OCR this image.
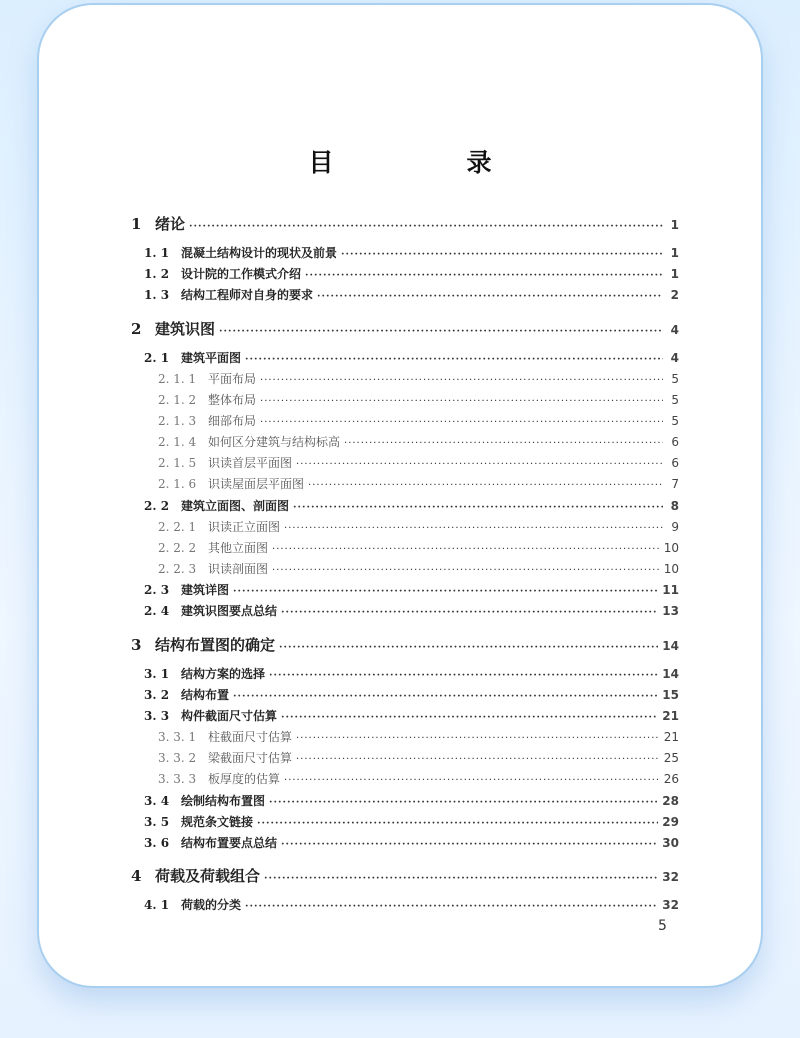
目　录
1 绪论 ·····	1
1. 1 混凝土结构设计的现状及前景 ·····	1
1. 2 设计院的工作模式介绍 ·····	1
1. 3 结构工程师对自身的要求 ·····	2
2 建筑识图 ·····	4
2. 1 建筑平面图 ·····	4
2. 1. 1 平面布局 ·····	5
2. 1. 2 整体布局 ·····	5
2. 1. 3 细部布局 ·····	5
2. 1. 4 如何区分建筑与结构标高 ·····	6
2. 1. 5 识读首层平面图 ·····	6
2. 1. 6 识读屋面层平面图 ·····	7
2. 2 建筑立面图、剖面图 ·····	8
2. 2. 1 识读正立面图 ·····	9
2. 2. 2 其他立面图 ·····	10
2. 2. 3 识读剖面图 ·····	10
2. 3 建筑详图 ·····	11
2. 4 建筑识图要点总结 ·····	13
3 结构布置图的确定 ·····	14
3. 1 结构方案的选择 ·····	14
3. 2 结构布置 ·····	15
3. 3 构件截面尺寸估算 ·····	21
3. 3. 1 柱截面尺寸估算 ·····	21
3. 3. 2 梁截面尺寸估算 ·····	25
3. 3. 3 板厚度的估算 ·····	26
3. 4 绘制结构布置图 ·····	28
3. 5 规范条文链接 ·····	29
3. 6 结构布置要点总结 ·····	30
4 荷载及荷载组合 ·····	32
4. 1 荷载的分类 ·····	32
5
